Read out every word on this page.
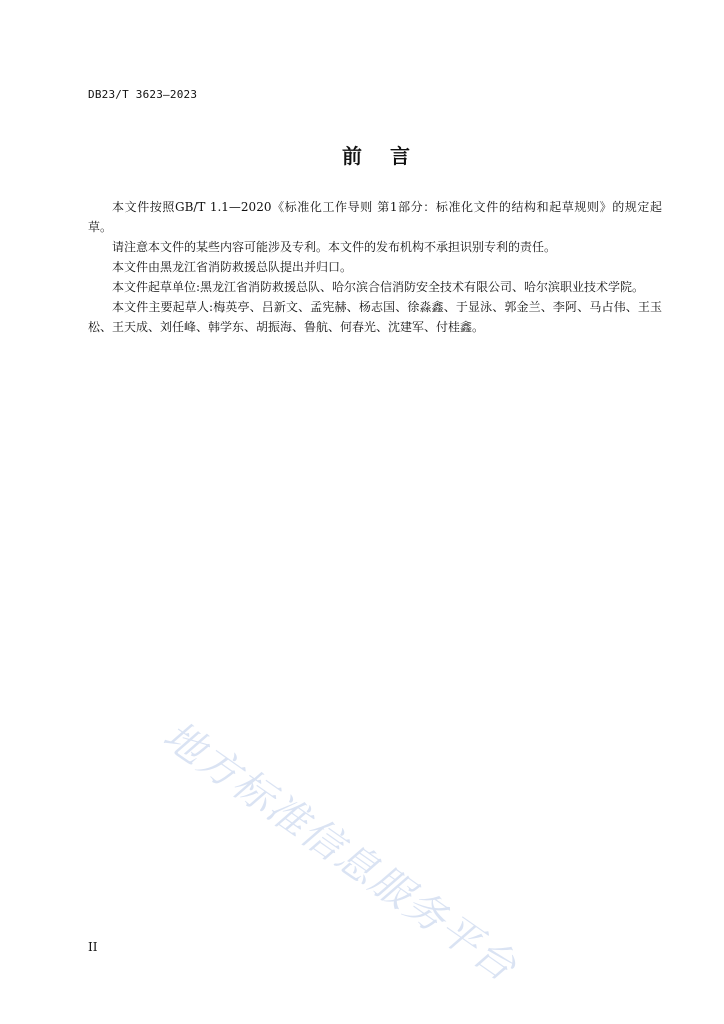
DB23/T 3623—2023
前言

本文件按照GB/T 1.1—2020《标准化工作导则 第1部分：标准化文件的结构和起草规则》的规定起草。

请注意本文件的某些内容可能涉及专利。本文件的发布机构不承担识别专利的责任。

本文件由黑龙江省消防救援总队提出并归口。

本文件起草单位:黑龙江省消防救援总队、哈尔滨合信消防安全技术有限公司、哈尔滨职业技术学院。

本文件主要起草人:梅英亭、吕新文、孟宪赫、杨志国、徐淼鑫、于显泳、郭金兰、李阿、马占伟、王玉松、王天成、刘任峰、韩学东、胡振海、鲁航、何春光、沈建军、付桂鑫。

地方标准信息服务平台
II
